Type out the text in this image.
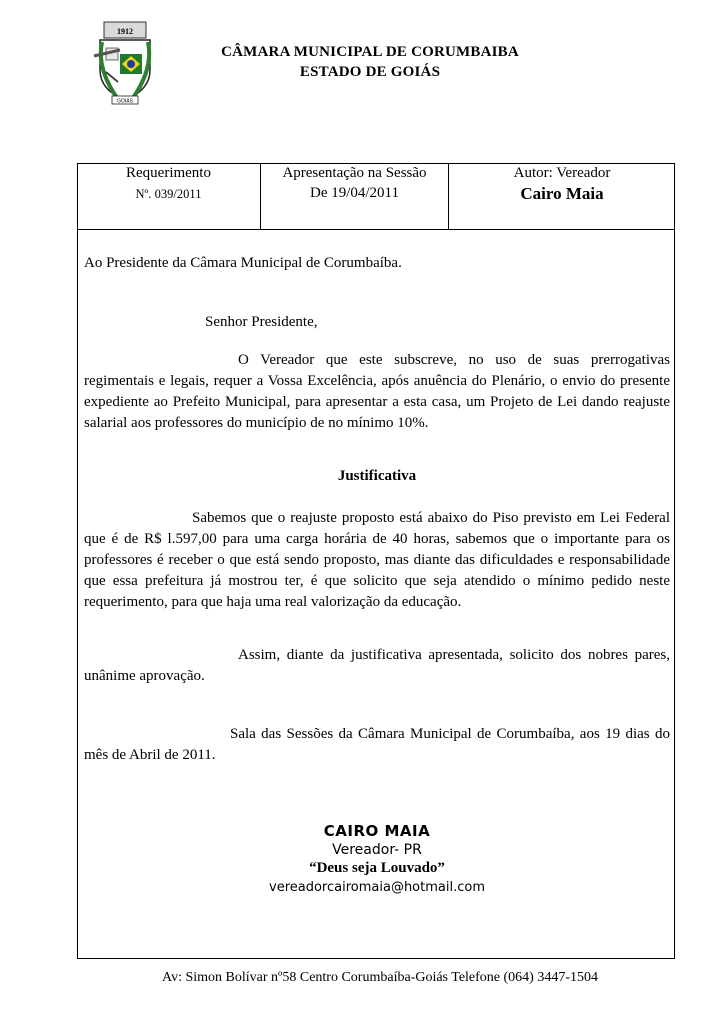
1912
GOIÁS
CÂMARA MUNICIPAL DE CORUMBAIBA
ESTADO DE GOIÁS
Requerimento
Nº. 039/2011
Apresentação na Sessão
De 19/04/2011
Autor: Vereador
Cairo Maia
Ao Presidente da Câmara Municipal de Corumbaíba.
Senhor Presidente,
O Vereador que este subscreve, no uso de suas prerrogativas regimentais e legais, requer a Vossa Excelência, após anuência do Plenário, o envio do presente expediente ao Prefeito Municipal, para apresentar a esta casa, um Projeto de Lei dando reajuste salarial aos professores do município de no mínimo 10%.
Justificativa
Sabemos que o reajuste proposto está abaixo do Piso previsto em Lei Federal que é de R$ l.597,00 para uma carga horária de 40 horas, sabemos que o importante para os professores é receber o que está sendo proposto, mas diante das dificuldades e responsabilidade que essa prefeitura já mostrou ter, é que solicito que seja atendido o mínimo pedido neste requerimento, para que haja uma real valorização da educação.
Assim, diante da justificativa apresentada, solicito dos nobres pares, unânime aprovação.
Sala das Sessões da Câmara Municipal de Corumbaíba, aos 19 dias do mês de Abril de 2011.
CAIRO MAIA
Vereador- PR
“Deus seja Louvado”
vereadorcairomaia@hotmail.com
Av: Simon Bolívar nº58 Centro Corumbaíba-Goiás Telefone (064) 3447-1504
